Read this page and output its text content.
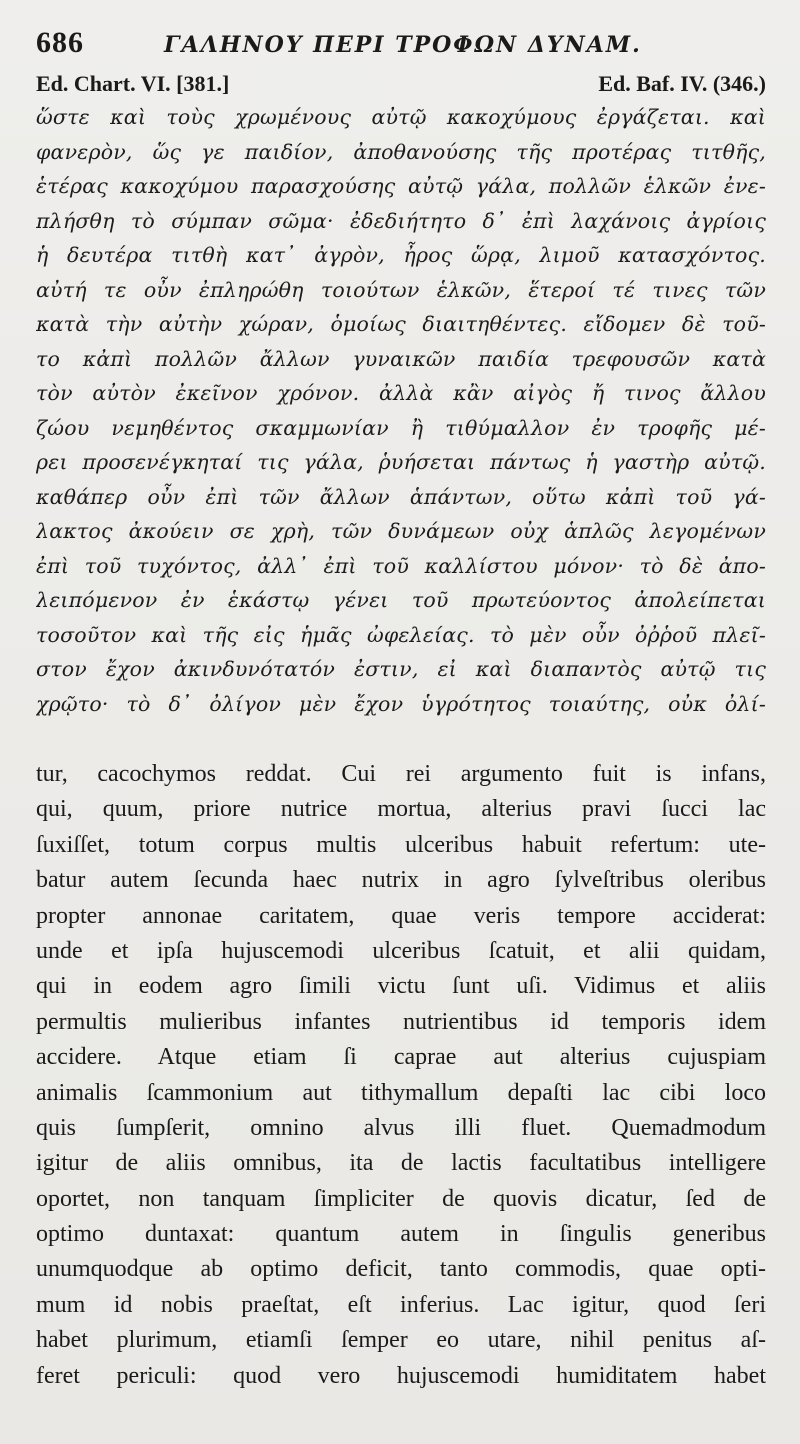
686	ΓΑΛΗΝΟΥ ΠΕΡΙ ΤΡΟΦΩΝ ΔΥΝΑΜ.
Ed. Chart. VI. [381.]	Ed. Baf. IV. (346.)
ὥστε καὶ τοὺς χρωμένους αὐτῷ κακοχύμους ἐργάζεται. καὶ
φανερὸν, ὥς γε παιδίον, ἀποθανούσης τῆς προτέρας τιτθῆς,
ἑτέρας κακοχύμου παρασχούσης αὐτῷ γάλα, πολλῶν ἑλκῶν ἐνε-
πλήσθη τὸ σύμπαν σῶμα· ἐδεδιήτητο δ᾽ ἐπὶ λαχάνοις ἀγρίοις
ἡ δευτέρα τιτθὴ κατ᾽ ἀγρὸν, ἦρος ὥρᾳ, λιμοῦ κατασχόντος.
αὐτή τε οὖν ἐπληρώθη τοιούτων ἑλκῶν, ἕτεροί τέ τινες τῶν
κατὰ τὴν αὐτὴν χώραν, ὁμοίως διαιτηθέντες. εἴδομεν δὲ τοῦ-
το κἀπὶ πολλῶν ἄλλων γυναικῶν παιδία τρεφουσῶν κατὰ
τὸν αὐτὸν ἐκεῖνον χρόνον. ἀλλὰ κἂν αἰγὸς ἤ τινος ἄλλου
ζώου νεμηθέντος σκαμμωνίαν ἢ τιθύμαλλον ἐν τροφῆς μέ-
ρει προσενέγκηταί τις γάλα, ῥυήσεται πάντως ἡ γαστὴρ αὐτῷ.
καθάπερ οὖν ἐπὶ τῶν ἄλλων ἁπάντων, οὕτω κἀπὶ τοῦ γά-
λακτος ἀκούειν σε χρὴ, τῶν δυνάμεων οὐχ ἁπλῶς λεγομένων
ἐπὶ τοῦ τυχόντος, ἀλλ᾽ ἐπὶ τοῦ καλλίστου μόνον· τὸ δὲ ἀπο-
λειπόμενον ἐν ἑκάστῳ γένει τοῦ πρωτεύοντος ἀπολείπεται
τοσοῦτον καὶ τῆς εἰς ἡμᾶς ὠφελείας. τὸ μὲν οὖν ὀῤῥοῦ πλεῖ-
στον ἔχον ἀκινδυνότατόν ἐστιν, εἰ καὶ διαπαντὸς αὐτῷ τις
χρῷτο· τὸ δ᾽ ὀλίγον μὲν ἔχον ὑγρότητος τοιαύτης, οὐκ ὀλί-
tur, cacochymos reddat. Cui rei argumento fuit is infans,
qui, quum, priore nutrice mortua, alterius pravi ſucci lac
ſuxiſſet, totum corpus multis ulceribus habuit refertum: ute-
batur autem ſecunda haec nutrix in agro ſylveſtribus oleribus
propter annonae caritatem, quae veris tempore acciderat:
unde et ipſa hujuscemodi ulceribus ſcatuit, et alii quidam,
qui in eodem agro ſimili victu ſunt uſi. Vidimus et aliis
permultis mulieribus infantes nutrientibus id temporis idem
accidere. Atque etiam ſi caprae aut alterius cujuspiam
animalis ſcammonium aut tithymallum depaſti lac cibi loco
quis ſumpſerit, omnino alvus illi fluet. Quemadmodum
igitur de aliis omnibus, ita de lactis facultatibus intelligere
oportet, non tanquam ſimpliciter de quovis dicatur, ſed de
optimo duntaxat: quantum autem in ſingulis generibus
unumquodque ab optimo deficit, tanto commodis, quae opti-
mum id nobis praeſtat, eſt inferius. Lac igitur, quod ſeri
habet plurimum, etiamſi ſemper eo utare, nihil penitus aſ-
feret periculi: quod vero hujuscemodi humiditatem habet
